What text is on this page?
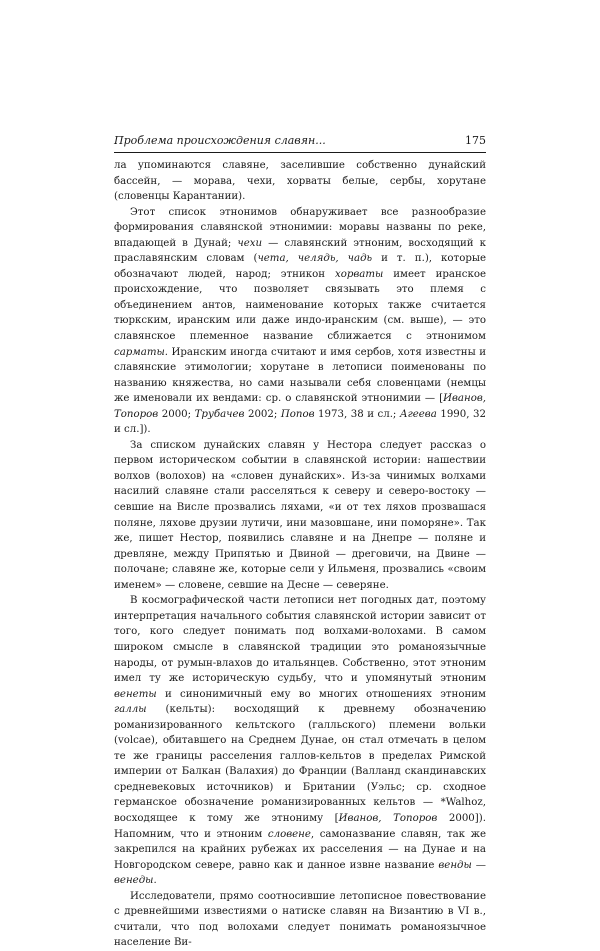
Проблема происхождения славян...	175

ла упоминаются славяне, заселившие собственно дунайский бассейн, — морава, чехи, хорваты белые, сербы, хорутане (словенцы Карантании).

Этот список этнонимов обнаруживает все разнообразие формирования славянской этнонимии: моравы названы по реке, впадающей в Дунай; чехи — славянский этноним, восходящий к праславянским словам (чета, челядь, чадь и т. п.), которые обозначают людей, народ; этникон хорваты имеет иранское происхождение, что позволяет связывать это племя с объединением антов, наименование которых также считается тюркским, иранским или даже индо-иранским (см. выше), — это славянское племенное название сближается с этнонимом сарматы. Иранским иногда считают и имя сербов, хотя известны и славянские этимологии; хорутане в летописи поименованы по названию княжества, но сами называли себя словенцами (немцы же именовали их вендами: ср. о славянской этнонимии — [Иванов, Топоров 2000; Трубачев 2002; Попов 1973, 38 и сл.; Агеева 1990, 32 и сл.]).

За списком дунайских славян у Нестора следует рассказ о первом историческом событии в славянской истории: нашествии волхов (волохов) на «словен дунайских». Из-за чинимых волхами насилий славяне стали расселяться к северу и северо-востоку — севшие на Висле прозвались ляхами, «и от тех ляхов прозвашася поляне, ляхове друзии лутичи, ини мазовшане, ини поморяне». Так же, пишет Нестор, появились славяне и на Днепре — поляне и древляне, между Припятью и Двиной — дреговичи, на Двине — полочане; славяне же, которые сели у Ильменя, прозвались «своим именем» — словене, севшие на Десне — северяне.

В космографической части летописи нет погодных дат, поэтому интерпретация начального события славянской истории зависит от того, кого следует понимать под волхами-волохами. В самом широком смысле в славянской традиции это романоязычные народы, от румын-влахов до итальянцев. Собственно, этот этноним имел ту же историческую судьбу, что и упомянутый этноним венеты и синонимичный ему во многих отношениях этноним галлы (кельты): восходящий к древнему обозначению романизированного кельтского (галльского) племени вольки (volcae), обитавшего на Среднем Дунае, он стал отмечать в целом те же границы расселения галлов-кельтов в пределах Римской империи от Балкан (Валахия) до Франции (Валланд скандинавских средневековых источников) и Британии (Уэльс; ср. сходное германское обозначение романизированных кельтов — *Walhoz, восходящее к тому же этнониму [Иванов, Топоров 2000]). Напомним, что и этноним словене, самоназвание славян, так же закрепился на крайних рубежах их расселения — на Дунае и на Новгородском севере, равно как и данное извне название венды — венеды.

Исследователи, прямо соотносившие летописное повествование с древнейшими известиями о натиске славян на Византию в VI в., считали, что под волохами следует понимать романоязычное население Ви-
